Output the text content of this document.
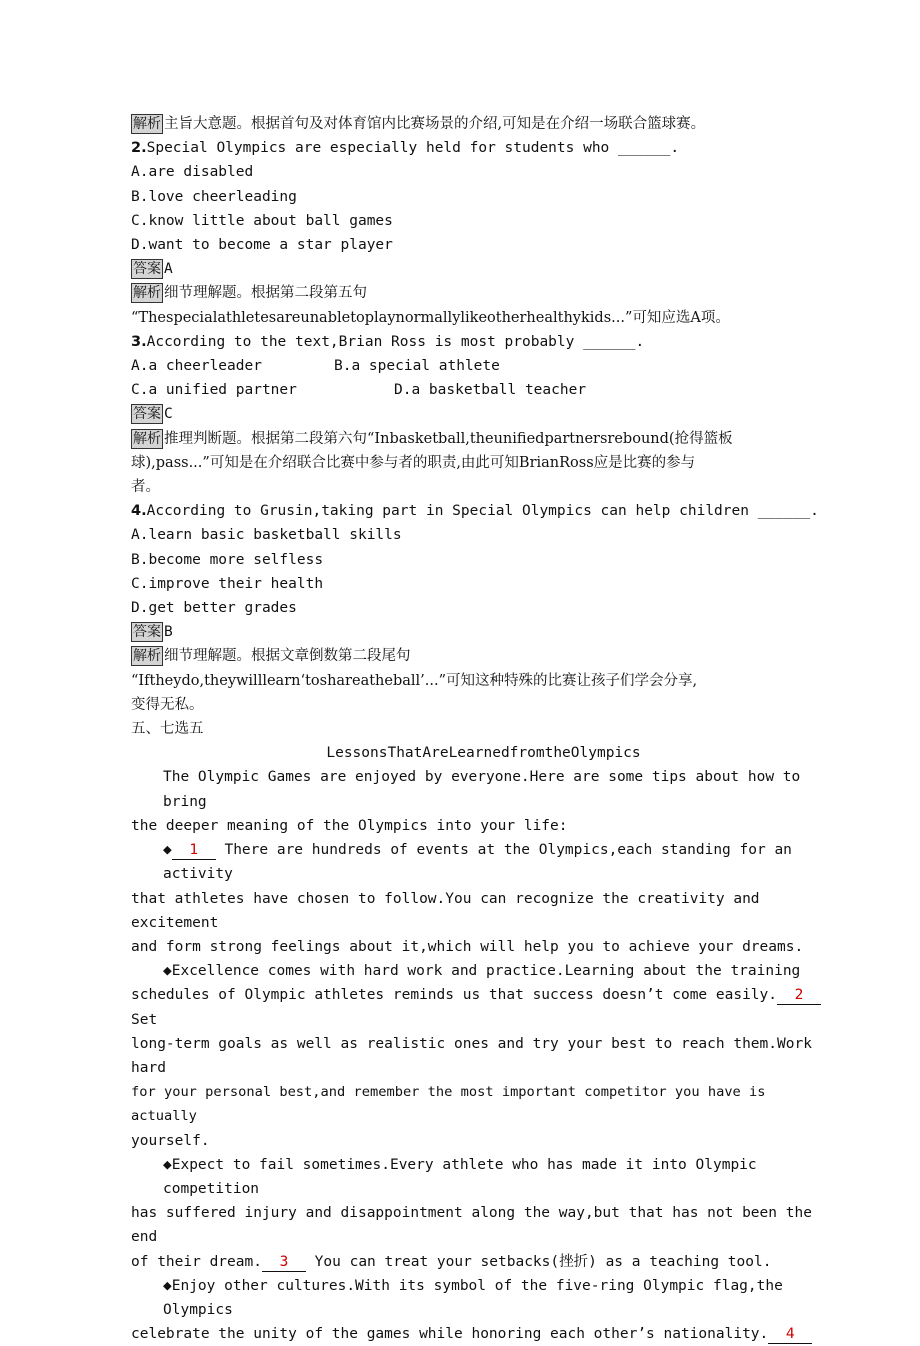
解析 主旨大意题。根据首句及对体育馆内比赛场景的介绍,可知是在介绍一场联合篮球赛。
2.Special Olympics are especially held for students who ______.
A.are disabled
B.love cheerleading
C.know little about ball games
D.want to become a star player
答案 A
解析 细节理解题。根据第二段第五句
“Thespecialathletesareunabletoplaynormallylikeotherhealthykids...”可知应选A项。
3.According to the text,Brian Ross is most probably ______.
A.a cheerleader	B.a special athlete
C.a unified partner	D.a basketball teacher
答案 C
解析 推理判断题。根据第二段第六句“Inbasketball,theunifiedpartnersrebound(抢得篮板
球),pass...”可知是在介绍联合比赛中参与者的职责,由此可知BrianRoss应是比赛的参与
者。
4.According to Grusin,taking part in Special Olympics can help children ______.
A.learn basic basketball skills
B.become more selfless
C.improve their health
D.get better grades
答案 B
解析 细节理解题。根据文章倒数第二段尾句
“Iftheydo,theywilllearn‘toshareatheball’...”可知这种特殊的比赛让孩子们学会分享,
变得无私。
五、七选五
LessonsThatAreLearnedfromtheOlympics
The Olympic Games are enjoyed by everyone.Here are some tips about how to bring
the deeper meaning of the Olympics into your life:
◆ 1 There are hundreds of events at the Olympics,each standing for an activity
that athletes have chosen to follow.You can recognize the creativity and excitement
and form strong feelings about it,which will help you to achieve your dreams.
◆Excellence comes with hard work and practice.Learning about the training
schedules of Olympic athletes reminds us that success doesn’t come easily. 2 Set
long-term goals as well as realistic ones and try your best to reach them.Work hard
for your personal best,and remember the most important competitor you have is actually
yourself.
◆Expect to fail sometimes.Every athlete who has made it into Olympic competition
has suffered injury and disappointment along the way,but that has not been the end
of their dream. 3 You can treat your setbacks(挫折) as a teaching tool.
◆Enjoy other cultures.With its symbol of the five-ring Olympic flag,the Olympics
celebrate the unity of the games while honoring each other’s nationality. 4
